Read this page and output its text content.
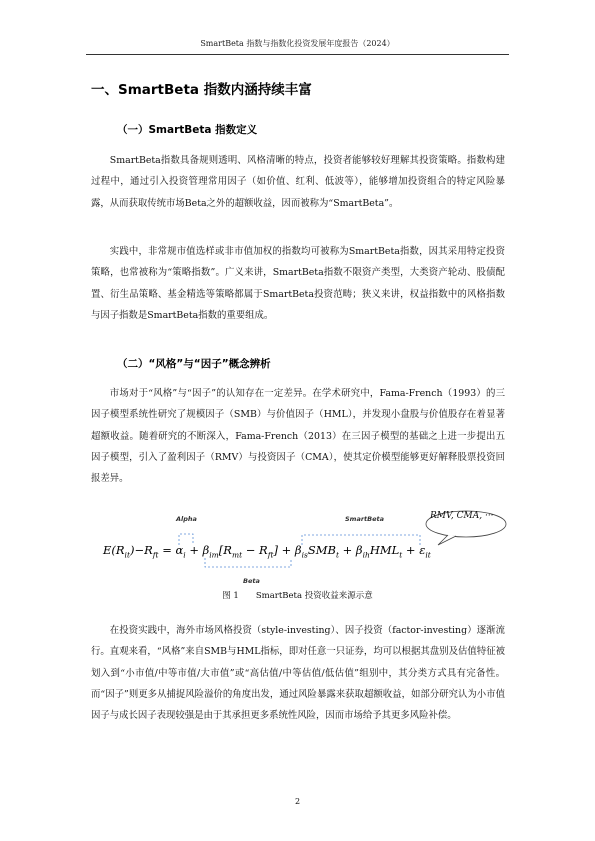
SmartBeta 指数与指数化投资发展年度报告（2024）
一、SmartBeta 指数内涵持续丰富
（一）SmartBeta 指数定义

SmartBeta指数具备规则透明、风格清晰的特点，投资者能够较好理解其投资策略。指数构建过程中，通过引入投资管理常用因子（如价值、红利、低波等），能够增加投资组合的特定风险暴露，从而获取传统市场Beta之外的超额收益，因而被称为“SmartBeta”。

实践中，非常规市值选样或非市值加权的指数均可被称为SmartBeta指数，因其采用特定投资策略，也常被称为“策略指数”。广义来讲，SmartBeta指数不限资产类型，大类资产轮动、股债配置、衍生品策略、基金精选等策略都属于SmartBeta投资范畴；狭义来讲，权益指数中的风格指数与因子指数是SmartBeta指数的重要组成。

（二）“风格”与“因子”概念辨析

市场对于“风格”与“因子”的认知存在一定差异。在学术研究中，Fama-French（1993）的三因子模型系统性研究了规模因子（SMB）与价值因子（HML），并发现小盘股与价值股存在着显著超额收益。随着研究的不断深入，Fama-French（2013）在三因子模型的基础之上进一步提出五因子模型，引入了盈利因子（RMV）与投资因子（CMA），使其定价模型能够更好解释股票投资回报差异。

Alpha	SmartBeta
Beta
RMV, CMA, ···
$E(R_{it})-R_{ft} = \alpha_i + \beta_{im}[R_{mt} - R_{ft}] + \beta_{is}SMB_t + \beta_{ih}HML_t + \varepsilon_{it}$
图 1　　SmartBeta 投资收益来源示意

在投资实践中，海外市场风格投资（style-investing）、因子投资（factor-investing）逐渐流行。直观来看，“风格”来自SMB与HML指标，即对任意一只证券，均可以根据其盘别及估值特征被划入到“小市值/中等市值/大市值”或“高估值/中等估值/低估值”组别中，其分类方式具有完备性。而“因子”则更多从捕捉风险溢价的角度出发，通过风险暴露来获取超额收益，如部分研究认为小市值因子与成长因子表现较强是由于其承担更多系统性风险，因而市场给予其更多风险补偿。

2
